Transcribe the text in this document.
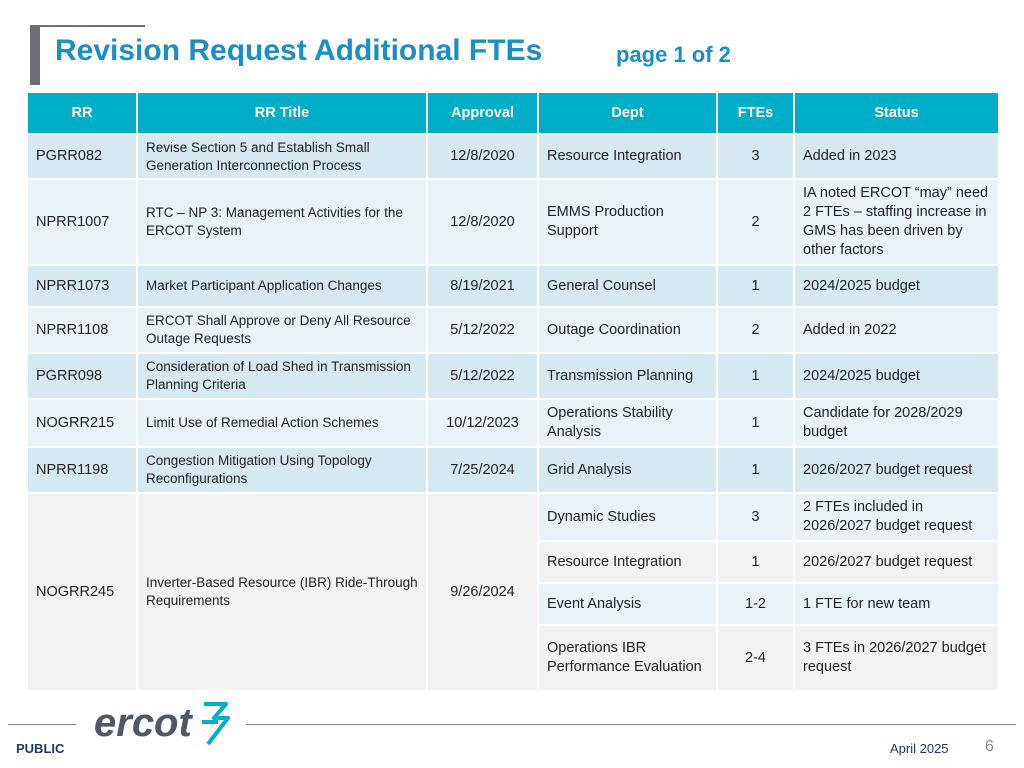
Revision Request Additional FTEs	page 1 of 2
RR	RR Title	Approval	Dept	FTEs	Status
PGRR082	Revise Section 5 and Establish Small Generation Interconnection Process	12/8/2020	Resource Integration	3	Added in 2023
NPRR1007	RTC – NP 3: Management Activities for the ERCOT System	12/8/2020	EMMS Production Support	2	IA noted ERCOT “may” need 2 FTEs – staffing increase in GMS has been driven by other factors
NPRR1073	Market Participant Application Changes	8/19/2021	General Counsel	1	2024/2025 budget
NPRR1108	ERCOT Shall Approve or Deny All Resource Outage Requests	5/12/2022	Outage Coordination	2	Added in 2022
PGRR098	Consideration of Load Shed in Transmission Planning Criteria	5/12/2022	Transmission Planning	1	2024/2025 budget
NOGRR215	Limit Use of Remedial Action Schemes	10/12/2023	Operations Stability Analysis	1	Candidate for 2028/2029 budget
NPRR1198	Congestion Mitigation Using Topology Reconfigurations	7/25/2024	Grid Analysis	1	2026/2027 budget request
NOGRR245	Inverter-Based Resource (IBR) Ride-Through Requirements	9/26/2024	Dynamic Studies	3	2 FTEs included in 2026/2027 budget request
			Resource Integration	1	2026/2027 budget request
			Event Analysis	1-2	1 FTE for new team
			Operations IBR Performance Evaluation	2-4	3 FTEs in 2026/2027 budget request
ercot
PUBLIC	April 2025 6
